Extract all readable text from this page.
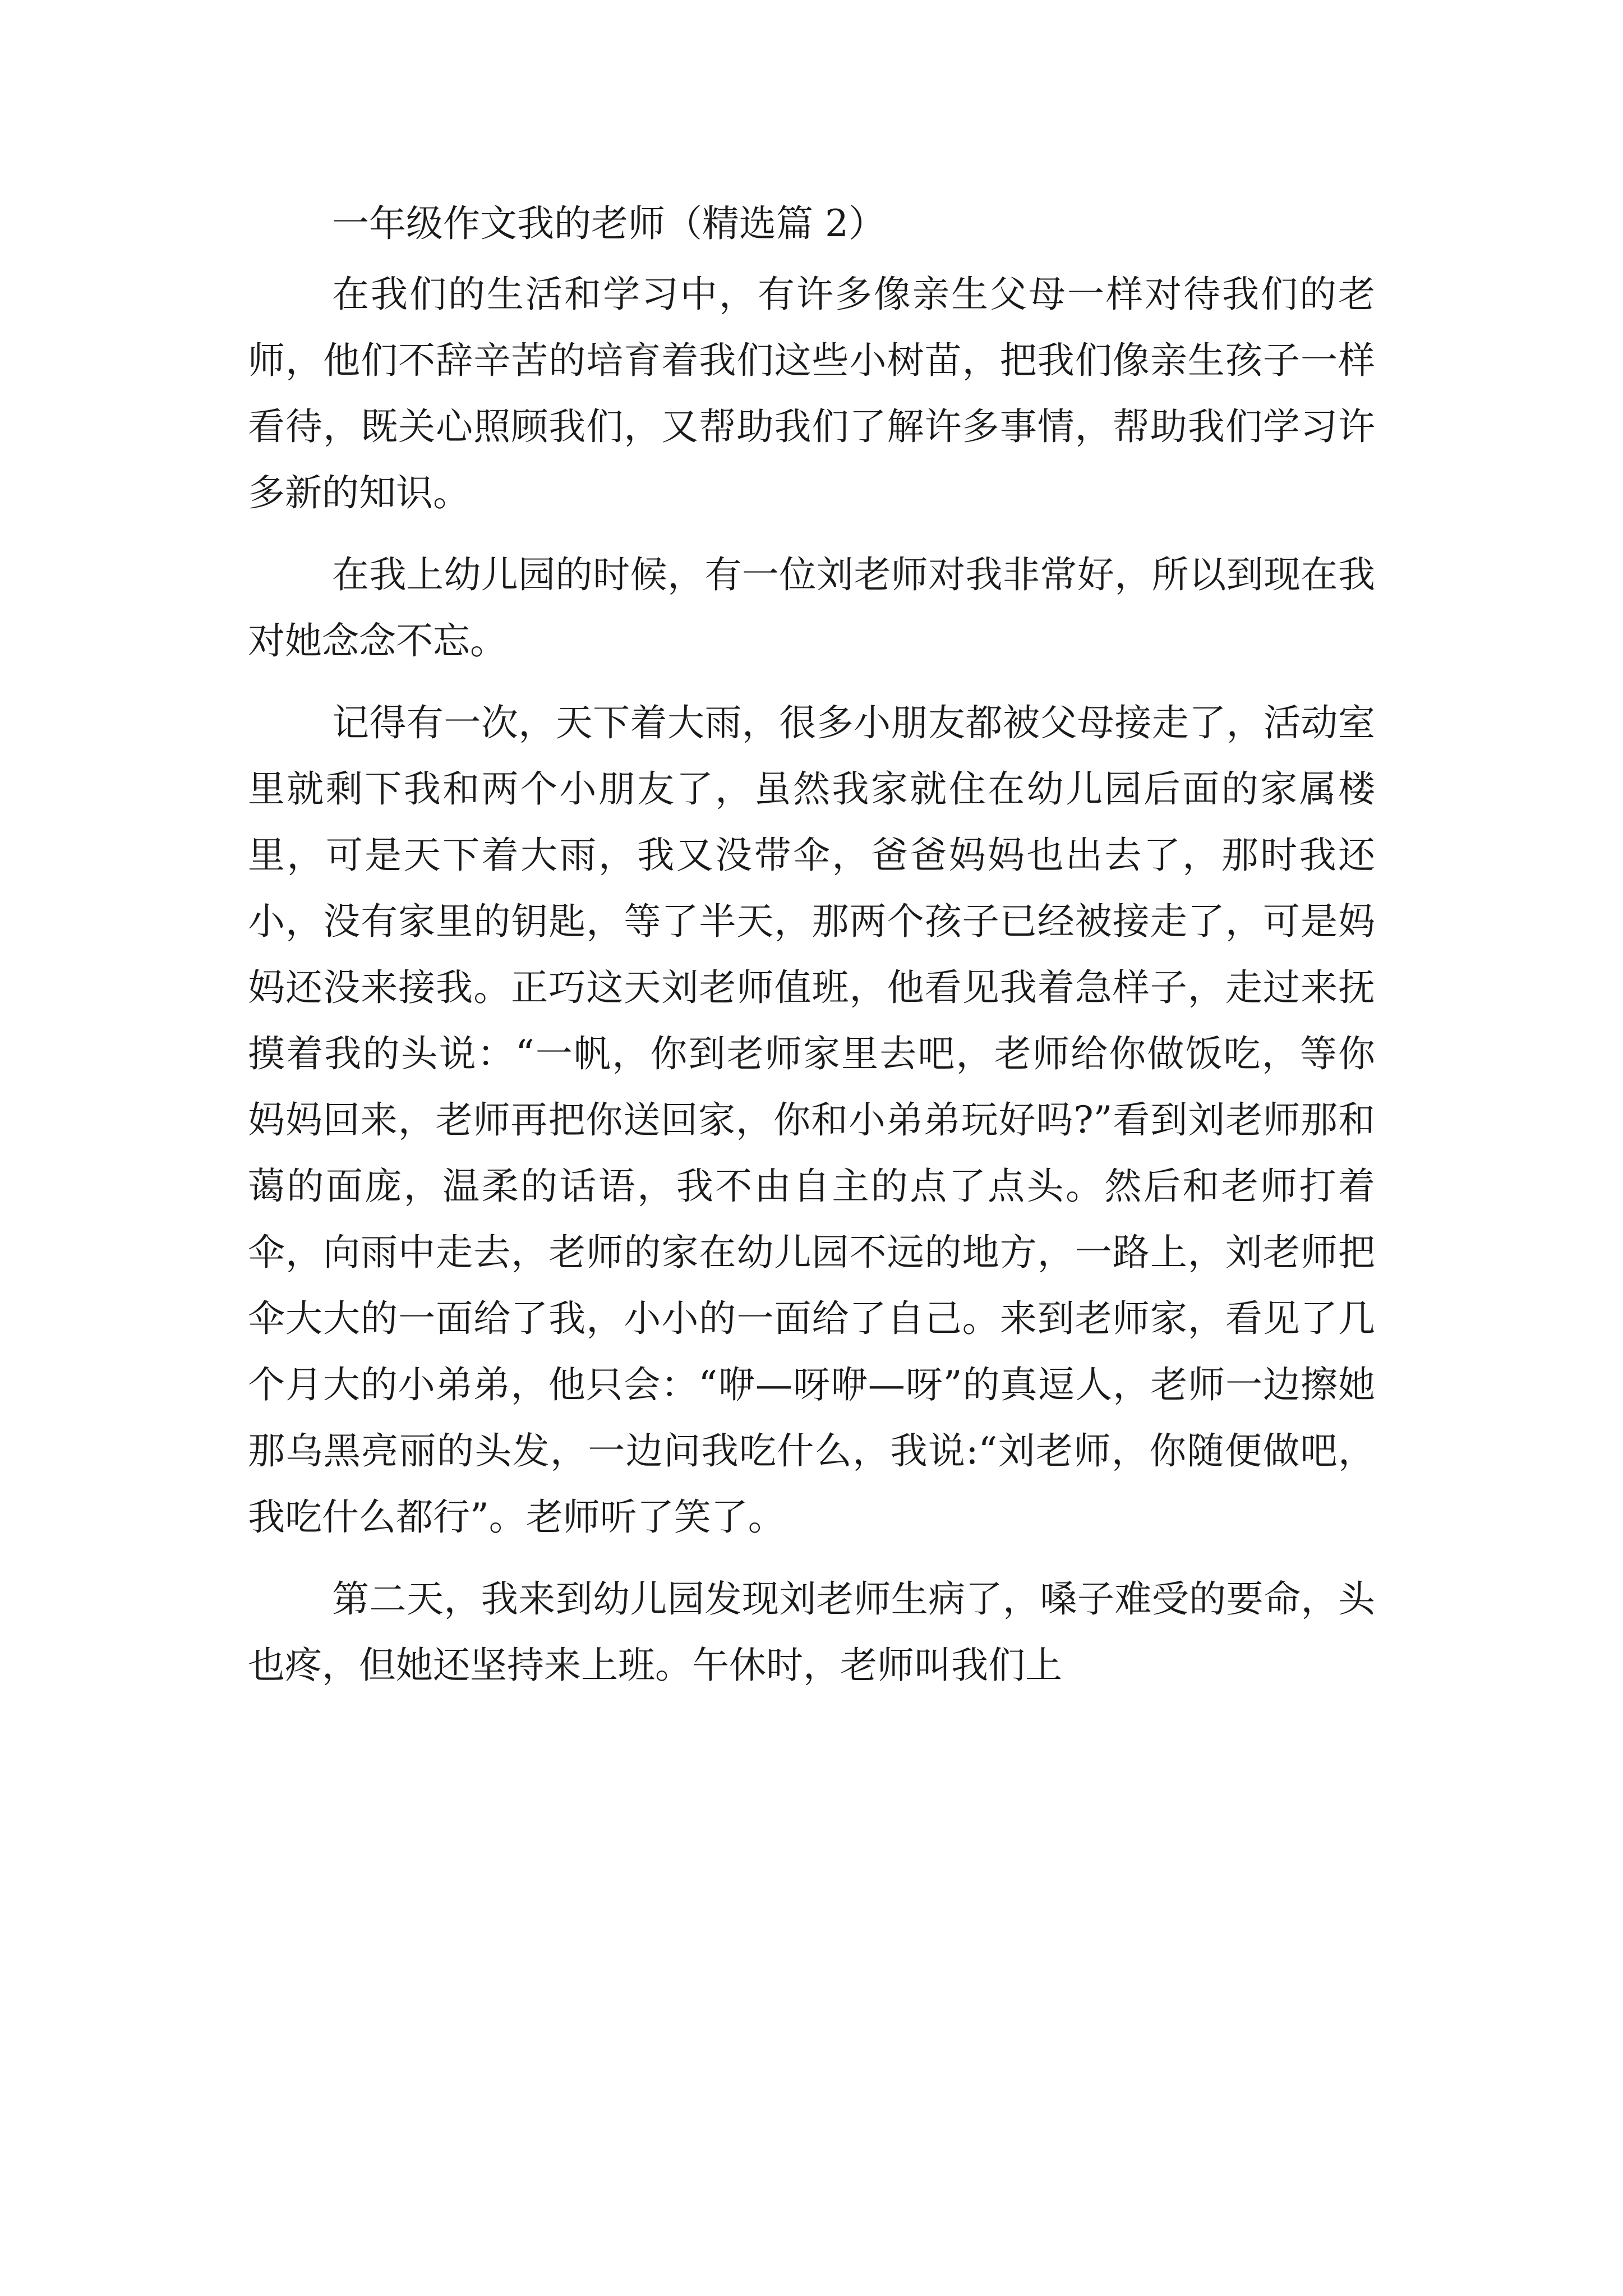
一年级作文我的老师（精选篇 2）

在我们的生活和学习中，有许多像亲生父母一样对待我们的老师，他们不辞辛苦的培育着我们这些小树苗，把我们像亲生孩子一样看待，既关心照顾我们，又帮助我们了解许多事情，帮助我们学习许多新的知识。

在我上幼儿园的时候，有一位刘老师对我非常好，所以到现在我对她念念不忘。

记得有一次，天下着大雨，很多小朋友都被父母接走了，活动室里就剩下我和两个小朋友了，虽然我家就住在幼儿园后面的家属楼里，可是天下着大雨，我又没带伞，爸爸妈妈也出去了，那时我还小，没有家里的钥匙，等了半天，那两个孩子已经被接走了，可是妈妈还没来接我。正巧这天刘老师值班，他看见我着急样子，走过来抚摸着我的头说：“一帆，你到老师家里去吧，老师给你做饭吃，等你妈妈回来，老师再把你送回家，你和小弟弟玩好吗?”看到刘老师那和蔼的面庞，温柔的话语，我不由自主的点了点头。然后和老师打着伞，向雨中走去，老师的家在幼儿园不远的地方，一路上，刘老师把伞大大的一面给了我，小小的一面给了自己。来到老师家，看见了几个月大的小弟弟，他只会：“咿—呀咿—呀”的真逗人，老师一边擦她那乌黑亮丽的头发，一边问我吃什么，我说:“刘老师，你随便做吧，我吃什么都行”。老师听了笑了。

第二天，我来到幼儿园发现刘老师生病了，嗓子难受的要命，头也疼，但她还坚持来上班。午休时，老师叫我们上
